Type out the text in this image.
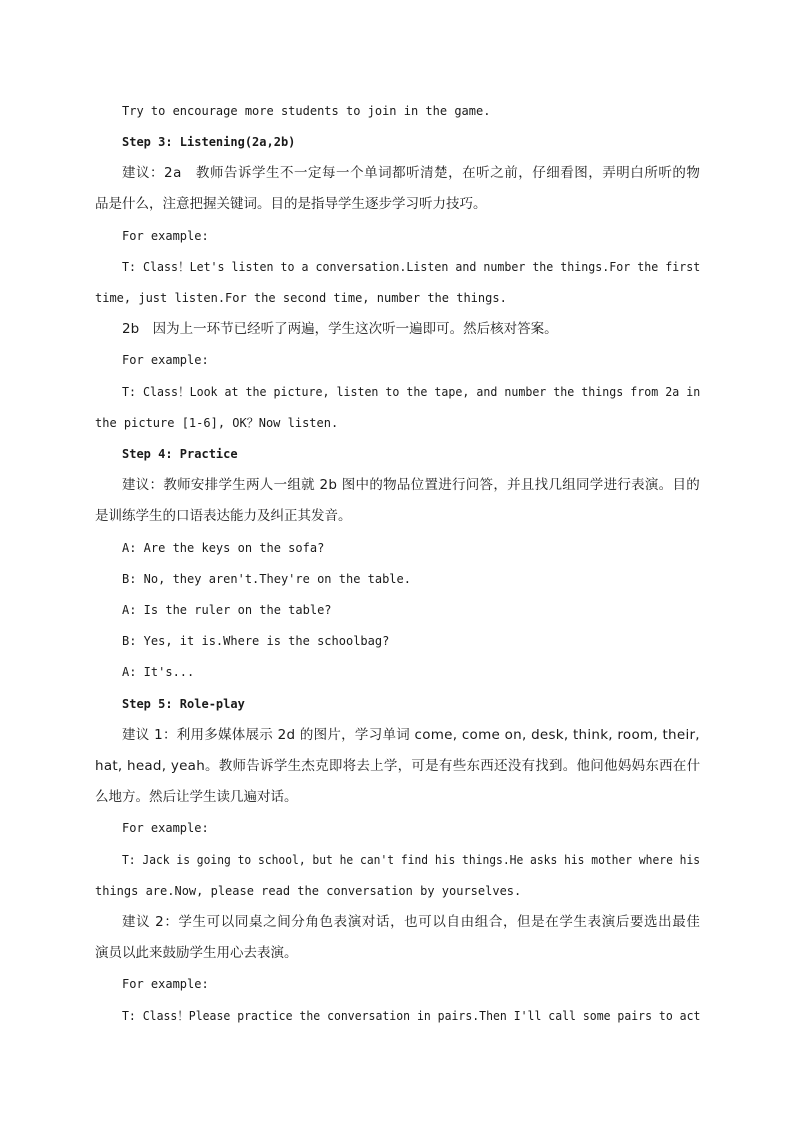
Try to encourage more students to join in the game.
Step 3: Listening(2a,2b)
建议：2a　教师告诉学生不一定每一个单词都听清楚，在听之前，仔细看图，弄明白所听的物
品是什么，注意把握关键词。目的是指导学生逐步学习听力技巧。
For example:
T: Class！Let's listen to a conversation.Listen and number the things.For the first
time, just listen.For the second time, number the things.
2b　因为上一环节已经听了两遍，学生这次听一遍即可。然后核对答案。
For example:
T: Class！Look at the picture, listen to the tape, and number the things from 2a in
the picture [1-6], OK？Now listen.
Step 4: Practice
建议：教师安排学生两人一组就 2b 图中的物品位置进行问答，并且找几组同学进行表演。目的
是训练学生的口语表达能力及纠正其发音。
A: Are the keys on the sofa?
B: No, they aren't.They're on the table.
A: Is the ruler on the table?
B: Yes, it is.Where is the schoolbag?
A: It's...
Step 5: Role-play
建议 1：利用多媒体展示 2d 的图片，学习单词 come, come on, desk, think, room, their,
hat, head, yeah。教师告诉学生杰克即将去上学，可是有些东西还没有找到。他问他妈妈东西在什
么地方。然后让学生读几遍对话。
For example:
T: Jack is going to school, but he can't find his things.He asks his mother where his
things are.Now, please read the conversation by yourselves.
建议 2：学生可以同桌之间分角色表演对话，也可以自由组合，但是在学生表演后要选出最佳
演员以此来鼓励学生用心去表演。
For example:
T: Class！Please practice the conversation in pairs.Then I'll call some pairs to act
